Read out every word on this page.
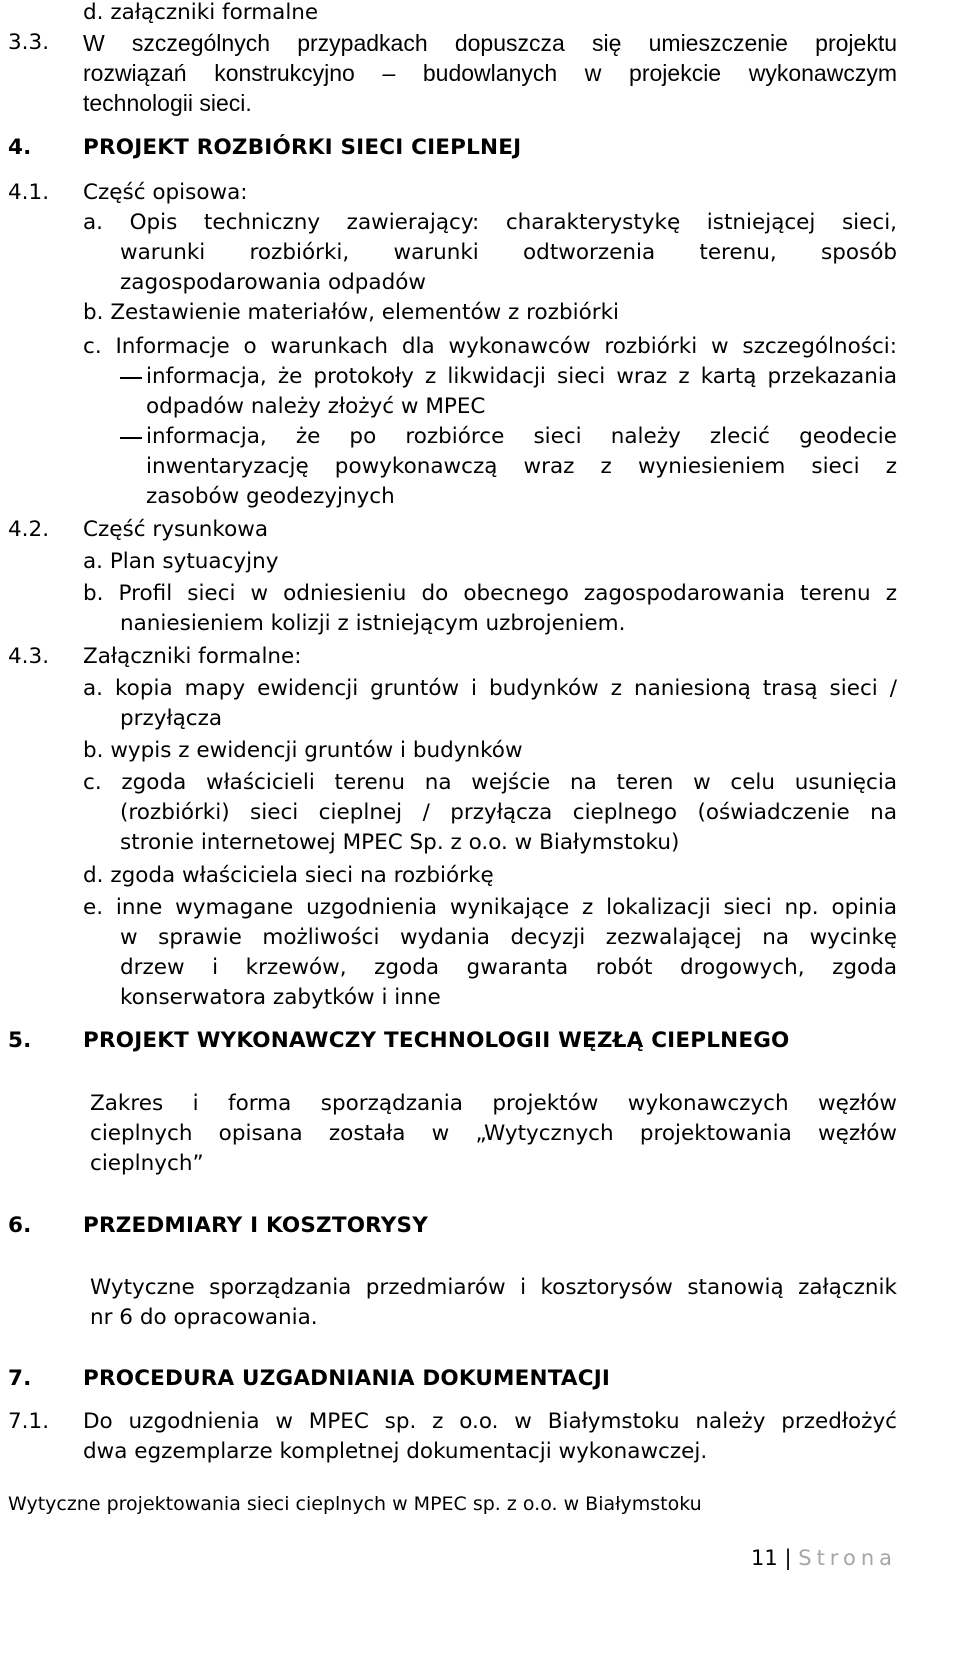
d. załączniki formalne
3.3. W szczególnych przypadkach dopuszcza się umieszczenie projektu
rozwiązań konstrukcyjno – budowlanych w projekcie wykonawczym
technologii sieci.
4. PROJEKT ROZBIÓRKI SIECI CIEPLNEJ
4.1. Część opisowa:
a. Opis techniczny zawierający: charakterystykę istniejącej sieci,
warunki rozbiórki, warunki odtworzenia terenu, sposób
zagospodarowania odpadów
b. Zestawienie materiałów, elementów z rozbiórki
c. Informacje o warunkach dla wykonawców rozbiórki w szczególności:
informacja, że protokoły z likwidacji sieci wraz z kartą przekazania
odpadów należy złożyć w MPEC
informacja, że po rozbiórce sieci należy zlecić geodecie
inwentaryzację powykonawczą wraz z wyniesieniem sieci z
zasobów geodezyjnych
4.2. Część rysunkowa
a. Plan sytuacyjny
b. Profil sieci w odniesieniu do obecnego zagospodarowania terenu z
naniesieniem kolizji z istniejącym uzbrojeniem.
4.3. Załączniki formalne:
a. kopia mapy ewidencji gruntów i budynków z naniesioną trasą sieci /
przyłącza
b. wypis z ewidencji gruntów i budynków
c. zgoda właścicieli terenu na wejście na teren w celu usunięcia
(rozbiórki) sieci cieplnej / przyłącza cieplnego (oświadczenie na
stronie internetowej MPEC Sp. z o.o. w Białymstoku)
d. zgoda właściciela sieci na rozbiórkę
e. inne wymagane uzgodnienia wynikające z lokalizacji sieci np. opinia
w sprawie możliwości wydania decyzji zezwalającej na wycinkę
drzew i krzewów, zgoda gwaranta robót drogowych, zgoda
konserwatora zabytków i inne
5. PROJEKT WYKONAWCZY TECHNOLOGII WĘZŁĄ CIEPLNEGO
Zakres i forma sporządzania projektów wykonawczych węzłów
cieplnych opisana została w „Wytycznych projektowania węzłów
cieplnych”
6. PRZEDMIARY I KOSZTORYSY
Wytyczne sporządzania przedmiarów i kosztorysów stanowią załącznik
nr 6 do opracowania.
7. PROCEDURA UZGADNIANIA DOKUMENTACJI
7.1. Do uzgodnienia w MPEC sp. z o.o. w Białymstoku należy przedłożyć
dwa egzemplarze kompletnej dokumentacji wykonawczej.
Wytyczne projektowania sieci cieplnych w MPEC sp. z o.o. w Białymstoku
11 | Strona
